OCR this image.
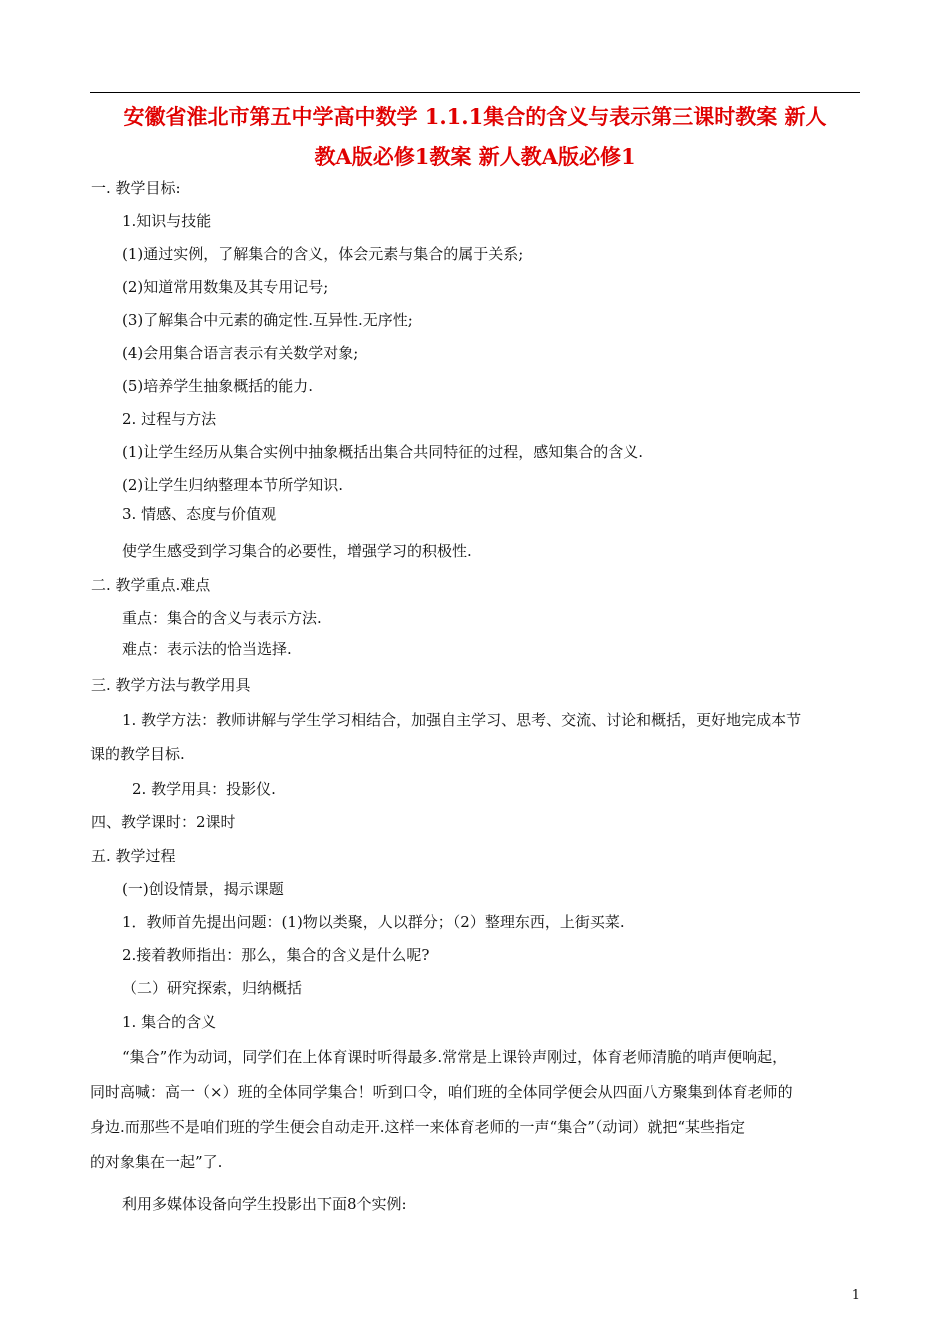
安徽省淮北市第五中学高中数学 1.1.1集合的含义与表示第三课时教案 新人
教A版必修1教案 新人教A版必修1

一. 教学目标:

1.知识与技能

(1)通过实例，了解集合的含义，体会元素与集合的属于关系;

(2)知道常用数集及其专用记号;

(3)了解集合中元素的确定性.互异性.无序性;

(4)会用集合语言表示有关数学对象;

(5)培养学生抽象概括的能力.

2. 过程与方法

(1)让学生经历从集合实例中抽象概括出集合共同特征的过程，感知集合的含义.

(2)让学生归纳整理本节所学知识.

3. 情感、态度与价值观

使学生感受到学习集合的必要性，增强学习的积极性.

二. 教学重点.难点

重点：集合的含义与表示方法.

难点：表示法的恰当选择.

三. 教学方法与教学用具

1. 教学方法：教师讲解与学生学习相结合，加强自主学习、思考、交流、讨论和概括，更好地完成本节

课的教学目标.

2. 教学用具：投影仪.

四、教学课时：2课时

五. 教学过程

(一)创设情景，揭示课题

1．教师首先提出问题：(1)物以类聚，人以群分；（2）整理东西，上街买菜.

2.接着教师指出：那么，集合的含义是什么呢?

（二）研究探索，归纳概括

1. 集合的含义

“集合”作为动词，同学们在上体育课时听得最多.常常是上课铃声刚过，体育老师清脆的哨声便响起，

同时高喊：高一（×）班的全体同学集合！听到口令，咱们班的全体同学便会从四面八方聚集到体育老师的

身边.而那些不是咱们班的学生便会自动走开.这样一来体育老师的一声“集合”（动词）就把“某些指定

的对象集在一起”了.

利用多媒体设备向学生投影出下面8个实例:

1
